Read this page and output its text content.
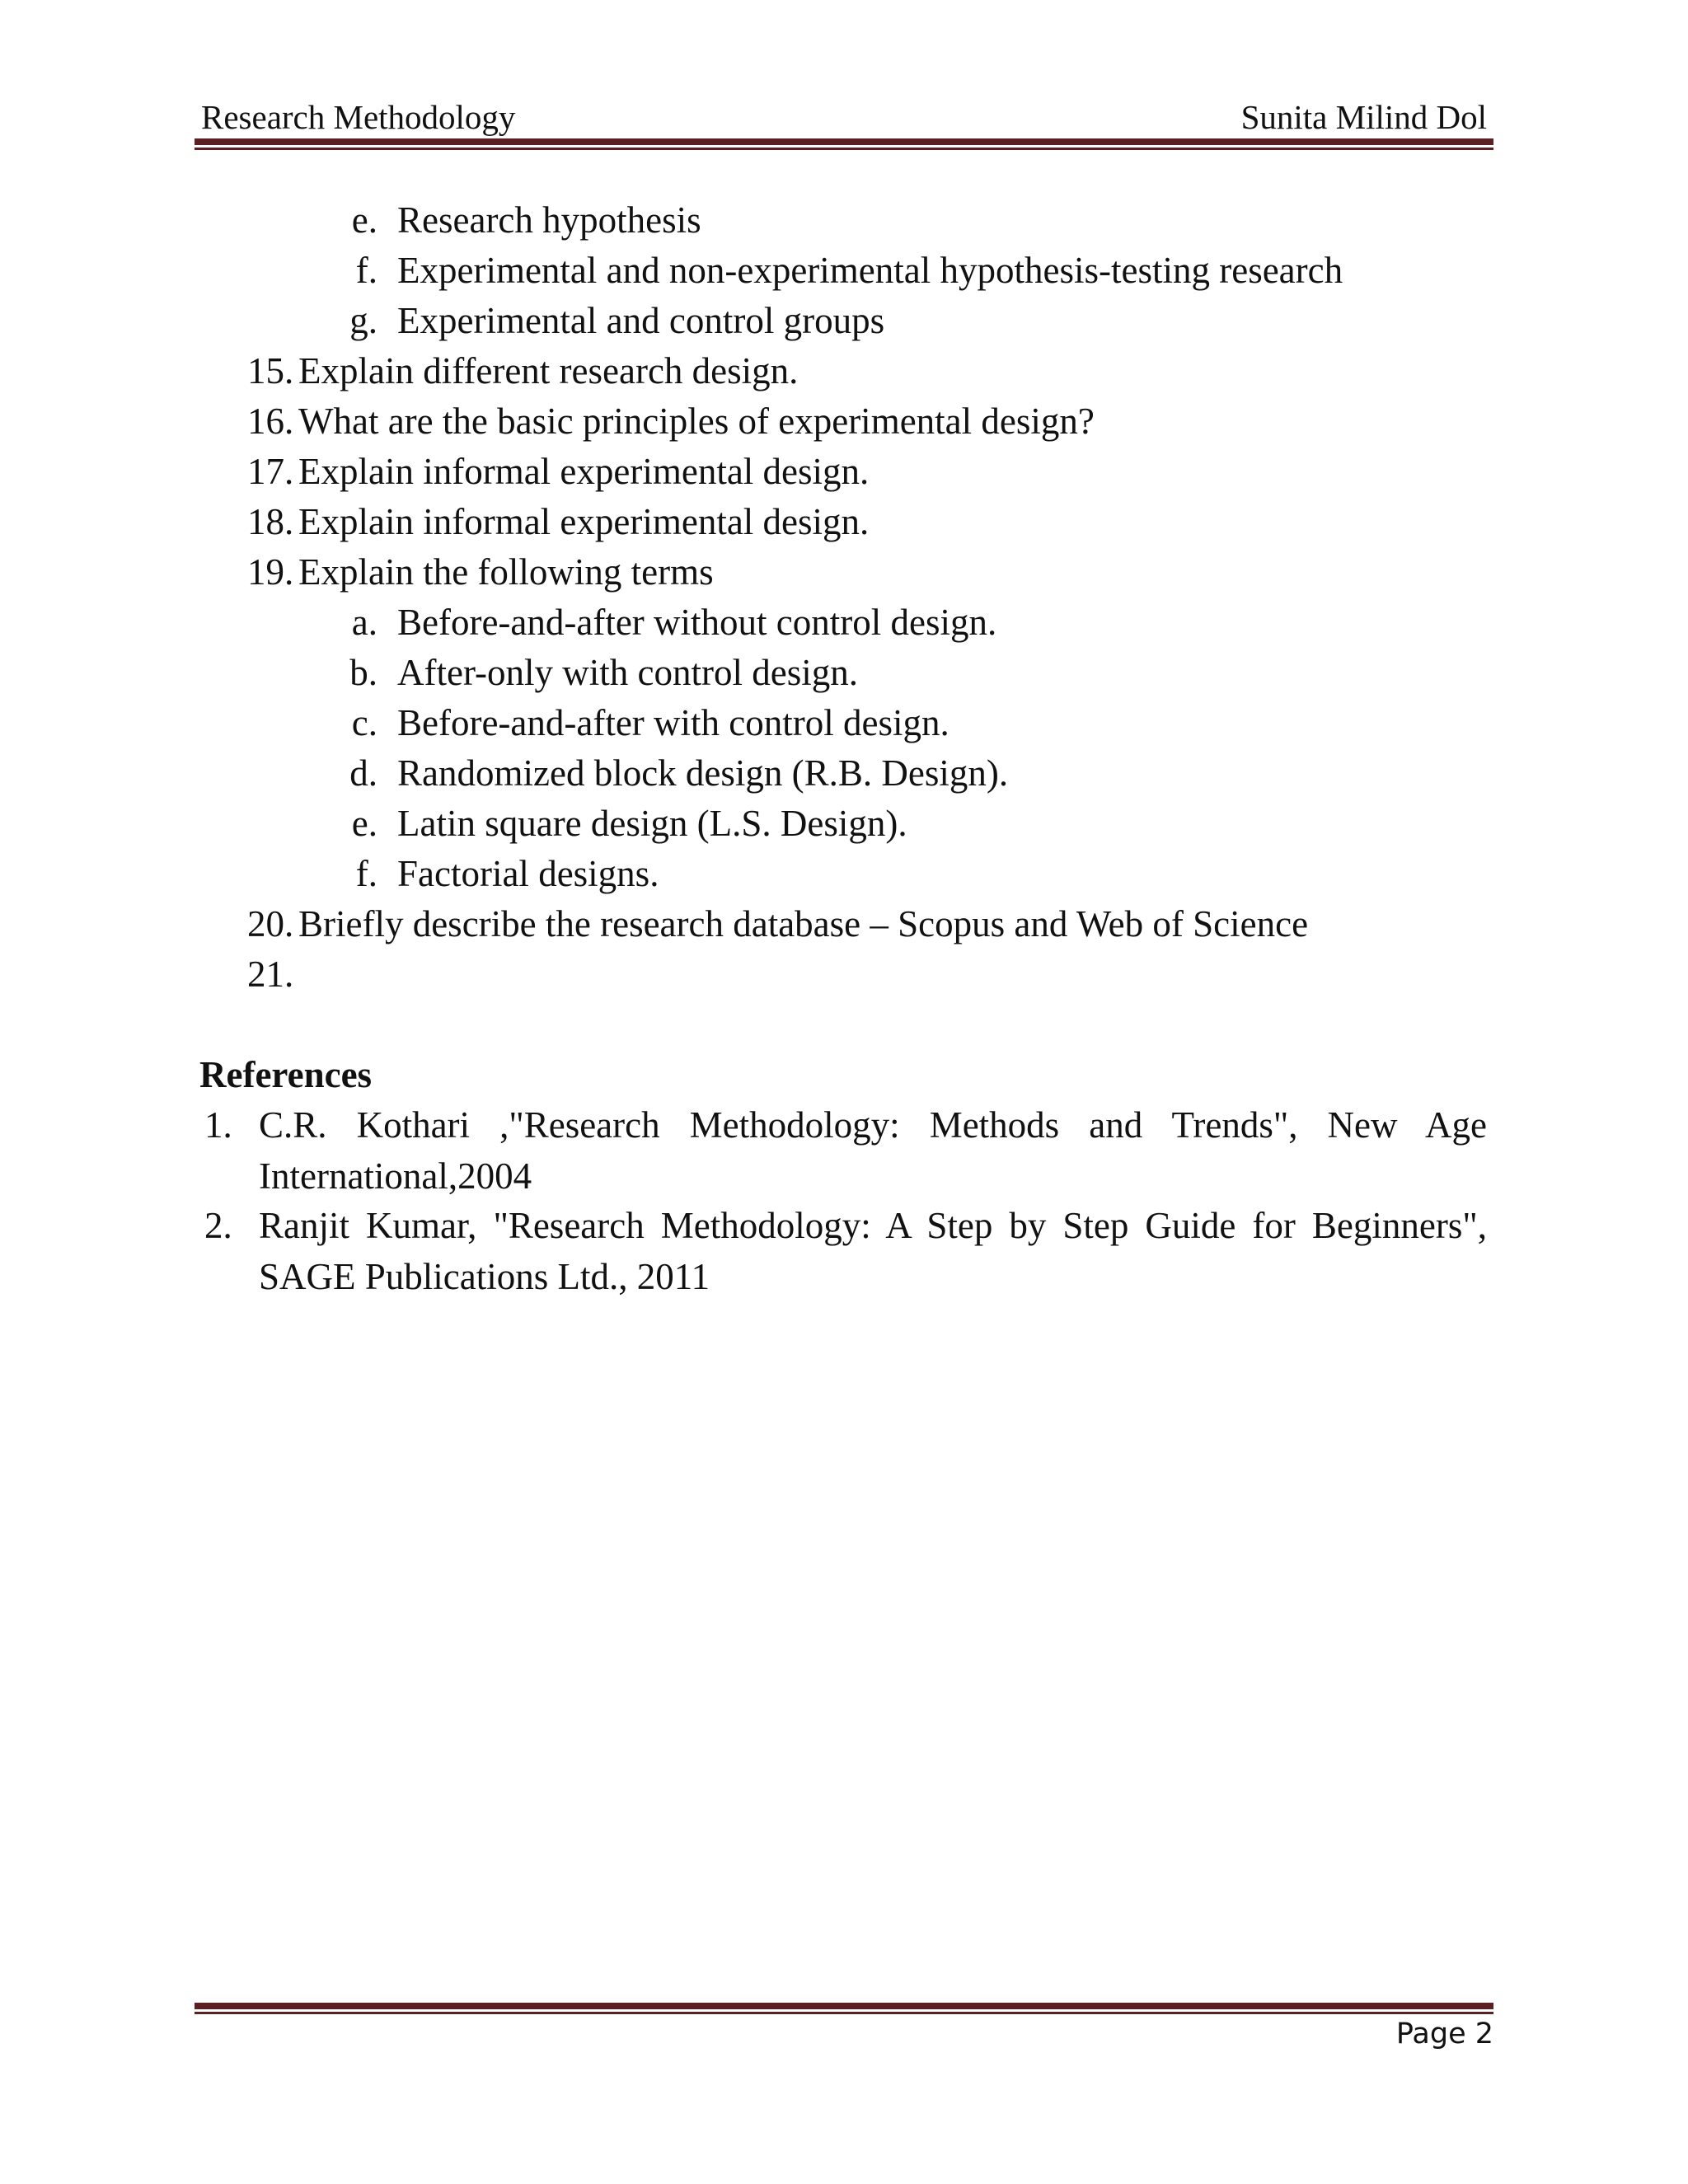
Research Methodology	Sunita Milind Dol
e. Research hypothesis
f. Experimental and non-experimental hypothesis-testing research
g. Experimental and control groups
15. Explain different research design.
16. What are the basic principles of experimental design?
17. Explain informal experimental design.
18. Explain informal experimental design.
19. Explain the following terms
a. Before-and-after without control design.
b. After-only with control design.
c. Before-and-after with control design.
d. Randomized block design (R.B. Design).
e. Latin square design (L.S. Design).
f. Factorial designs.
20. Briefly describe the research database – Scopus and Web of Science
21.
References
1. C.R. Kothari ,"Research Methodology: Methods and Trends", New Age
International,2004
2. Ranjit Kumar, "Research Methodology: A Step by Step Guide for Beginners",
SAGE Publications Ltd., 2011
Page 2
